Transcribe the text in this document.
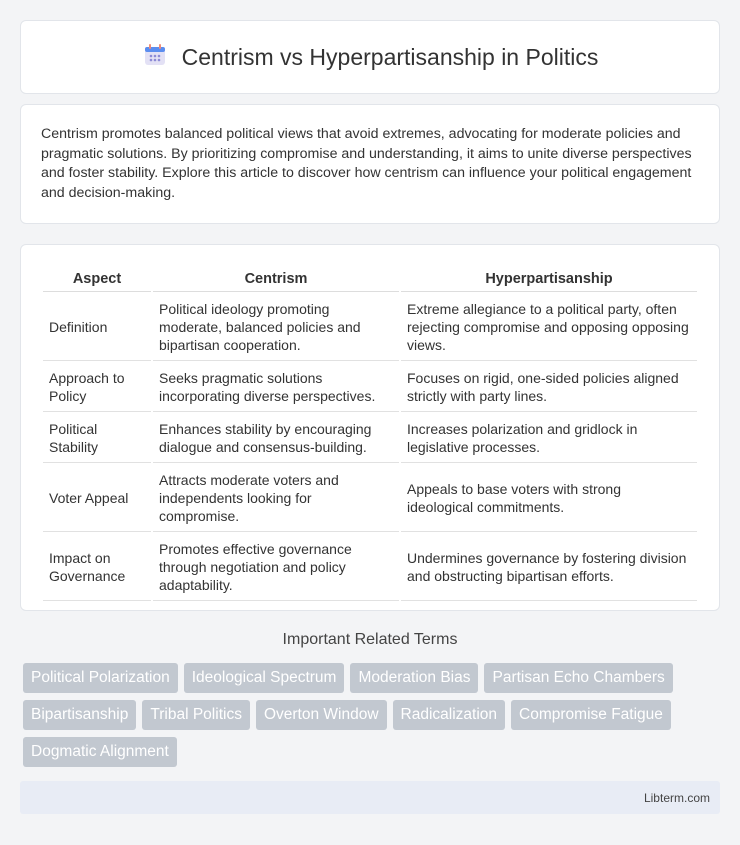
Centrism vs Hyperpartisanship in Politics

Centrism promotes balanced political views that avoid extremes, advocating for moderate policies and pragmatic solutions. By prioritizing compromise and understanding, it aims to unite diverse perspectives and foster stability. Explore this article to discover how centrism can influence your political engagement and decision-making.

Aspect	Centrism	Hyperpartisanship
Definition	Political ideology promoting moderate, balanced policies and bipartisan cooperation.	Extreme allegiance to a political party, often rejecting compromise and opposing opposing views.
Approach to Policy	Seeks pragmatic solutions incorporating diverse perspectives.	Focuses on rigid, one-sided policies aligned strictly with party lines.
Political Stability	Enhances stability by encouraging dialogue and consensus-building.	Increases polarization and gridlock in legislative processes.
Voter Appeal	Attracts moderate voters and independents looking for compromise.	Appeals to base voters with strong ideological commitments.
Impact on Governance	Promotes effective governance through negotiation and policy adaptability.	Undermines governance by fostering division and obstructing bipartisan efforts.
Important Related Terms
Political Polarization	Ideological Spectrum	Moderation Bias	Partisan Echo Chambers
Bipartisanship	Tribal Politics	Overton Window	Radicalization	Compromise Fatigue
Dogmatic Alignment
Libterm.com
